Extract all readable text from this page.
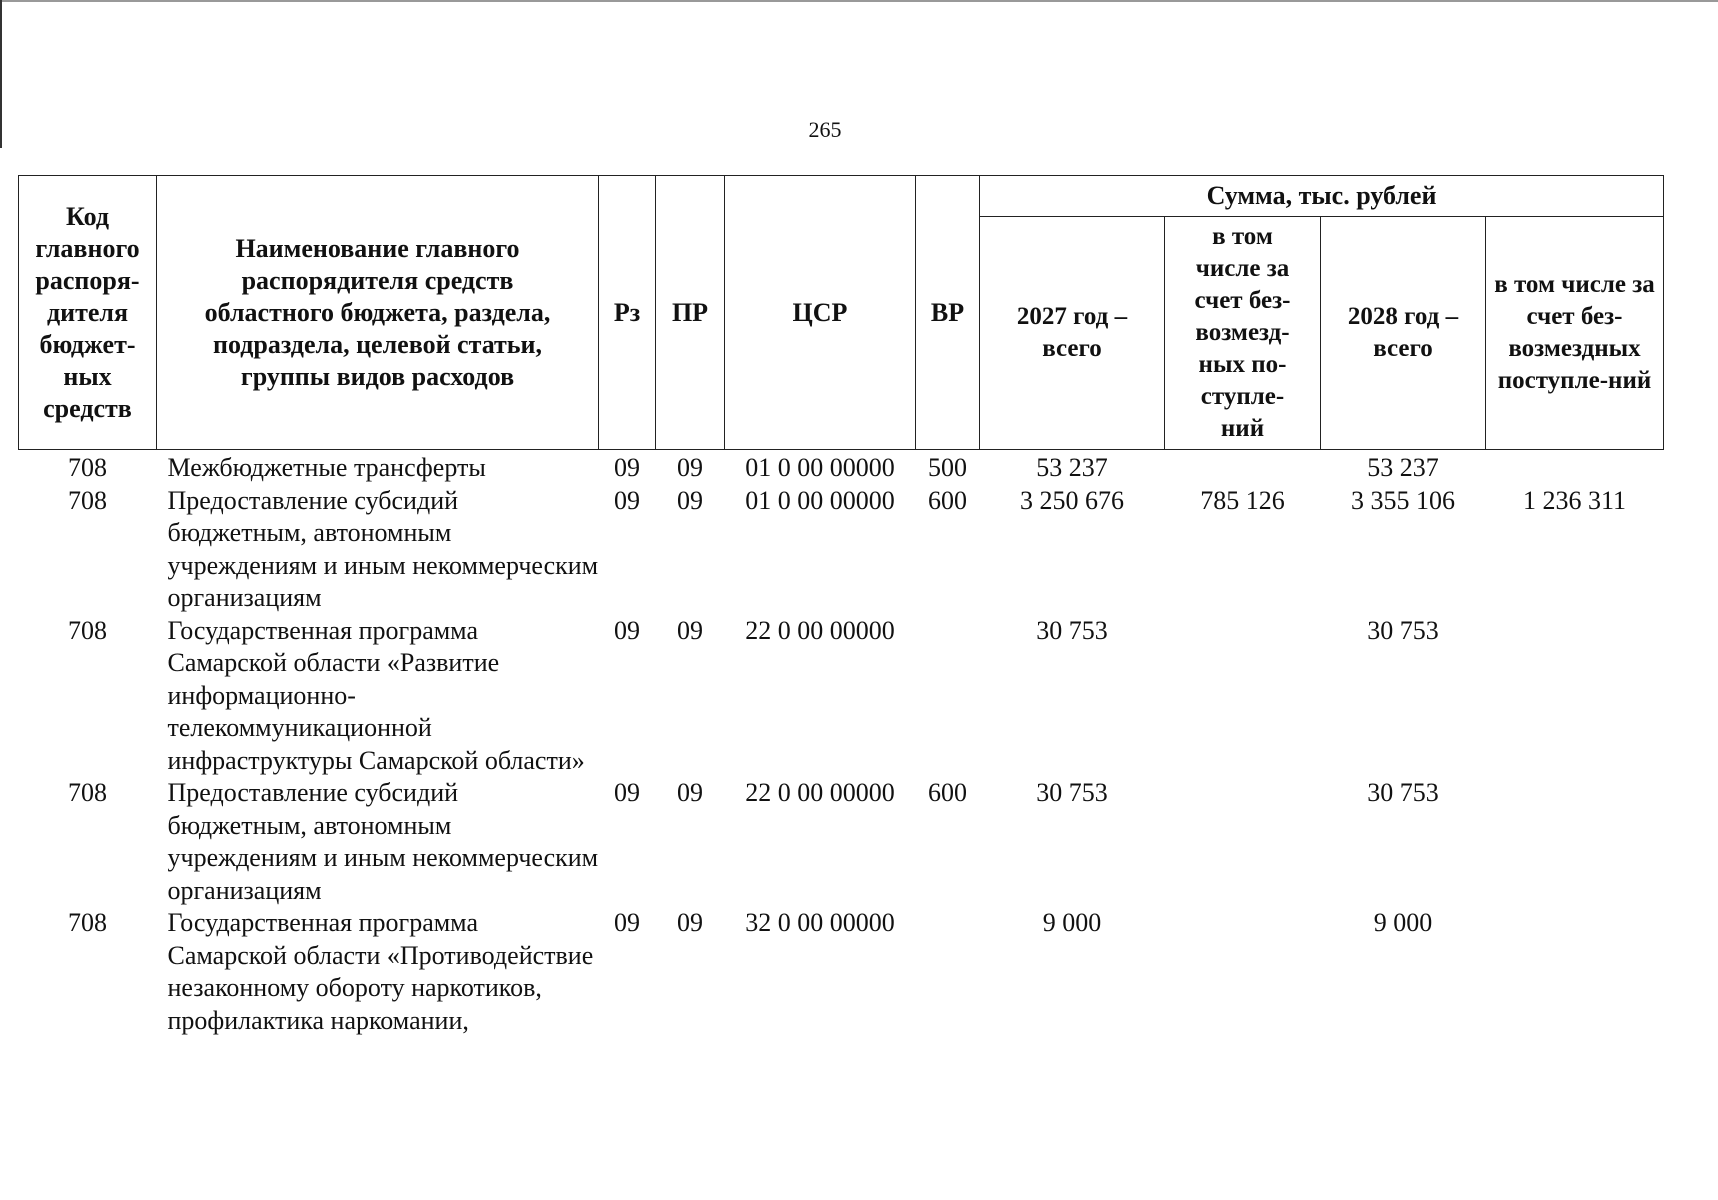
265
Код главного распоря-дителя бюджет-ных средств	Наименование главного распорядителя средств областного бюджета, раздела, подраздела, целевой статьи, группы видов расходов	Рз	ПР	ЦСР	ВР	Сумма, тыс. рублей			
						2027 год – всего	в том числе за счет без-возмезд-ных по-ступле-ний	2028 год – всего	в том числе за счет без-возмездных поступле-ний
708	Межбюджетные трансферты	09	09	01 0 00 00000	500	53 237		53 237	
708	Предоставление субсидий бюджетным, автономным учреждениям и иным некоммерческим организациям	09	09	01 0 00 00000	600	3 250 676	785 126	3 355 106	1 236 311
708	Государственная программа Самарской области «Развитие информационно-телекоммуникационной инфраструктуры Самарской области»	09	09	22 0 00 00000		30 753		30 753	
708	Предоставление субсидий бюджетным, автономным учреждениям и иным некоммерческим организациям	09	09	22 0 00 00000	600	30 753		30 753	
708	Государственная программа Самарской области «Противодействие незаконному обороту наркотиков, профилактика наркомании,	09	09	32 0 00 00000		9 000		9 000	
